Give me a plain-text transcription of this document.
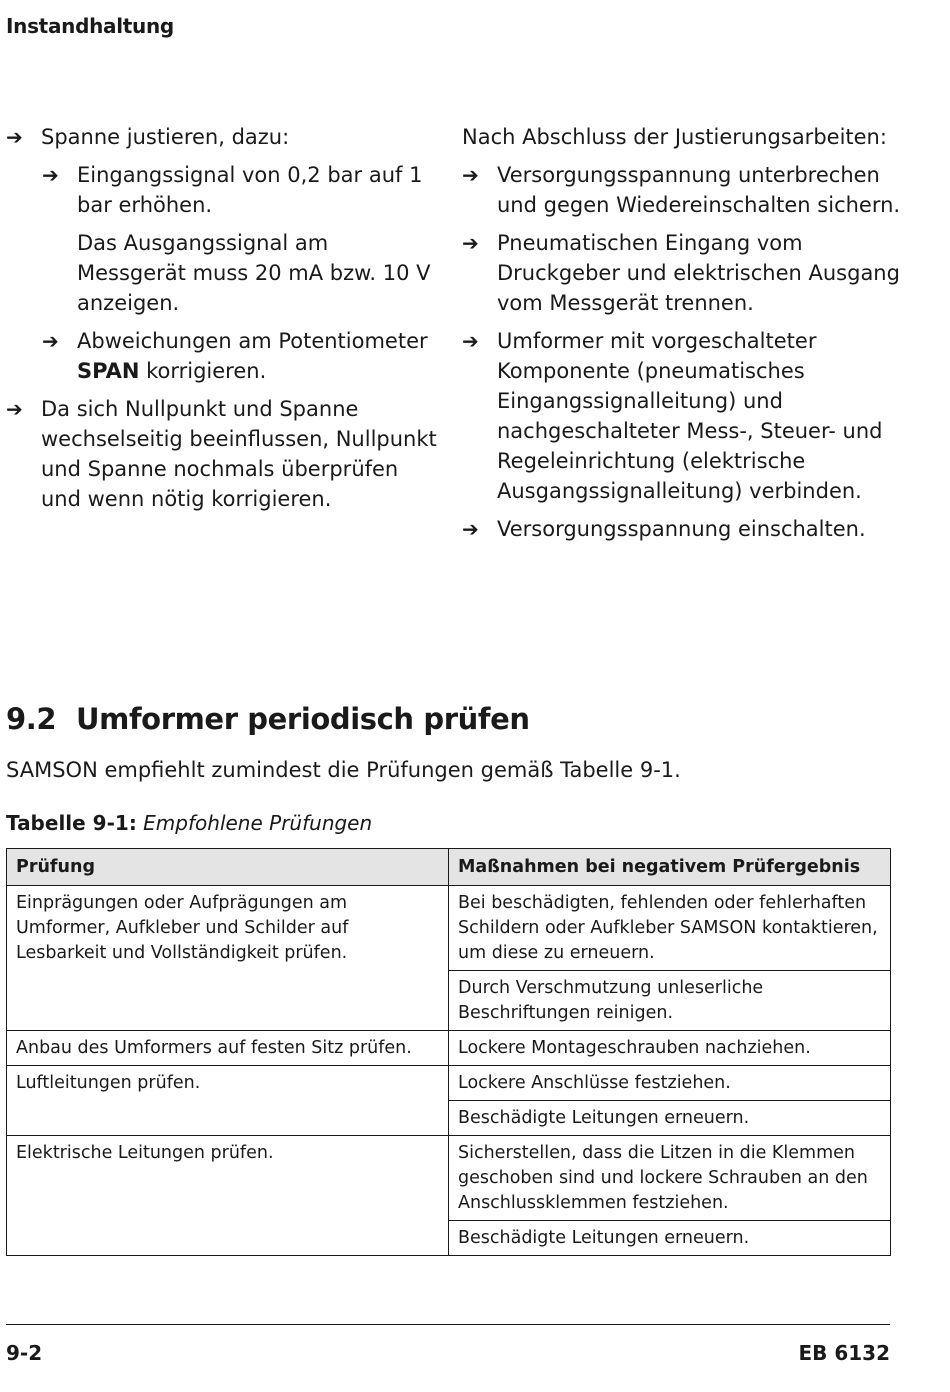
Instandhaltung
➔ Spanne justieren, dazu:
➔ Eingangssignal von 0,2 bar auf 1 bar erhöhen.
Das Ausgangssignal am Messgerät muss 20 mA bzw. 10 V anzeigen.
➔ Abweichungen am Potentiometer SPAN korrigieren.
➔ Da sich Nullpunkt und Spanne wechselseitig beeinflussen, Nullpunkt und Spanne nochmals überprüfen und wenn nötig korrigieren.
Nach Abschluss der Justierungsarbeiten:
➔ Versorgungsspannung unterbrechen und gegen Wiedereinschalten sichern.
➔ Pneumatischen Eingang vom Druckgeber und elektrischen Ausgang vom Messgerät trennen.
➔ Umformer mit vorgeschalteter Komponente (pneumatisches Eingangssignalleitung) und nachgeschalteter Mess-, Steuer- und Regeleinrichtung (elektrische Ausgangssignalleitung) verbinden.
➔ Versorgungsspannung einschalten.
9.2 Umformer periodisch prüfen
SAMSON empfiehlt zumindest die Prüfungen gemäß Tabelle 9-1.
Tabelle 9-1: Empfohlene Prüfungen
Prüfung	Maßnahmen bei negativem Prüfergebnis
Einprägungen oder Aufprägungen am Umformer, Aufkleber und Schilder auf Lesbarkeit und Vollständigkeit prüfen.	Bei beschädigten, fehlenden oder fehlerhaften Schildern oder Aufkleber SAMSON kontaktieren, um diese zu erneuern.
	Durch Verschmutzung unleserliche Beschriftungen reinigen.
Anbau des Umformers auf festen Sitz prüfen.	Lockere Montageschrauben nachziehen.
Luftleitungen prüfen.	Lockere Anschlüsse festziehen.
	Beschädigte Leitungen erneuern.
Elektrische Leitungen prüfen.	Sicherstellen, dass die Litzen in die Klemmen geschoben sind und lockere Schrauben an den Anschlussklemmen festziehen.
	Beschädigte Leitungen erneuern.
9-2	EB 6132
